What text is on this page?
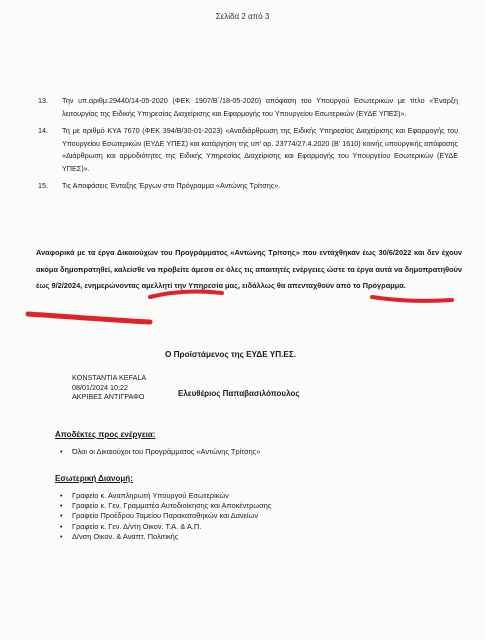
Σελίδα 2 από 3
13.	Την υπ.αριθμ.29440/14-05-2020 (ΦΕΚ 1907/Β΄/18-05-2020) απόφαση του Υπουργού Εσωτερικών με τίτλο «Έναρξη λειτουργίας της Ειδικής Υπηρεσίας Διαχείρισης και Εφαρμογής του Υπουργείου Εσωτερικών (ΕΥΔΕ ΥΠΕΣ)».
14.	Τη με αριθμό ΚΥΑ 7670 (ΦΕΚ 394/Β/30-01-2023) «Αναδιάρθρωση της Ειδικής Υπηρεσίας Διαχείρισης και Εφαρμογής του Υπουργείου Εσωτερικών (ΕΥΔΕ ΥΠΕΣ) και κατάργηση της υπ' αρ. 23774/27.4.2020 (Β' 1610) κοινής υπουργικής απόφασης «Διάρθρωση και αρμοδιότητες της Ειδικής Υπηρεσίας Διαχείρισης και Εφαρμογής του Υπουργείου Εσωτερικών (ΕΥΔΕ ΥΠΕΣ)».
15.	Τις Αποφάσεις Ένταξης Έργων στο Πρόγραμμα «Αντώνης Τρίτσης».
Αναφορικά με τα έργα Δικαιούχων του Προγράμματος «Αντώνης Τρίτσης» που εντάχθηκαν έως 30/6/2022 και δεν έχουν ακόμα δημοπρατηθεί, καλείσθε να προβείτε άμεσα σε όλες τις απαιτητές ενέργειες ώστε τα έργα αυτά να δημοπρατηθούν έως 9/2/2024, ενημερώνοντας αμελλητί την Υπηρεσία μας, ειδάλλως θα απενταχθούν από το Πρόγραμμα.
Ο Προϊστάμενος της ΕΥΔΕ ΥΠ.ΕΣ.
KONSTANTIA KEFALA
08/01/2024 10:22
ΑΚΡΙΒΕΣ ΑΝΤΙΓΡΑΦΟ	Ελευθέριος Παπαβασιλόπουλος
Αποδέκτες προς ενέργεια:
•	Όλοι οι Δικαιούχοι του Προγράμματος «Αντώνης Τρίτσης»
Εσωτερική Διανομή:
•	Γραφείο κ. Αναπληρωτή Υπουργού Εσωτερικών
•	Γραφείο κ. Γεν. Γραμματέα Αυτοδιοίκησης και Αποκέντρωσης
•	Γραφείο Προέδρου Ταμείου Παρακαταθηκών και Δανείων
•	Γραφείο κ. Γεν. Δ/ντη Οικον. Τ.Α. & Α.Π.
•	Δ/νση Οικον. & Αναπτ. Πολιτικής
